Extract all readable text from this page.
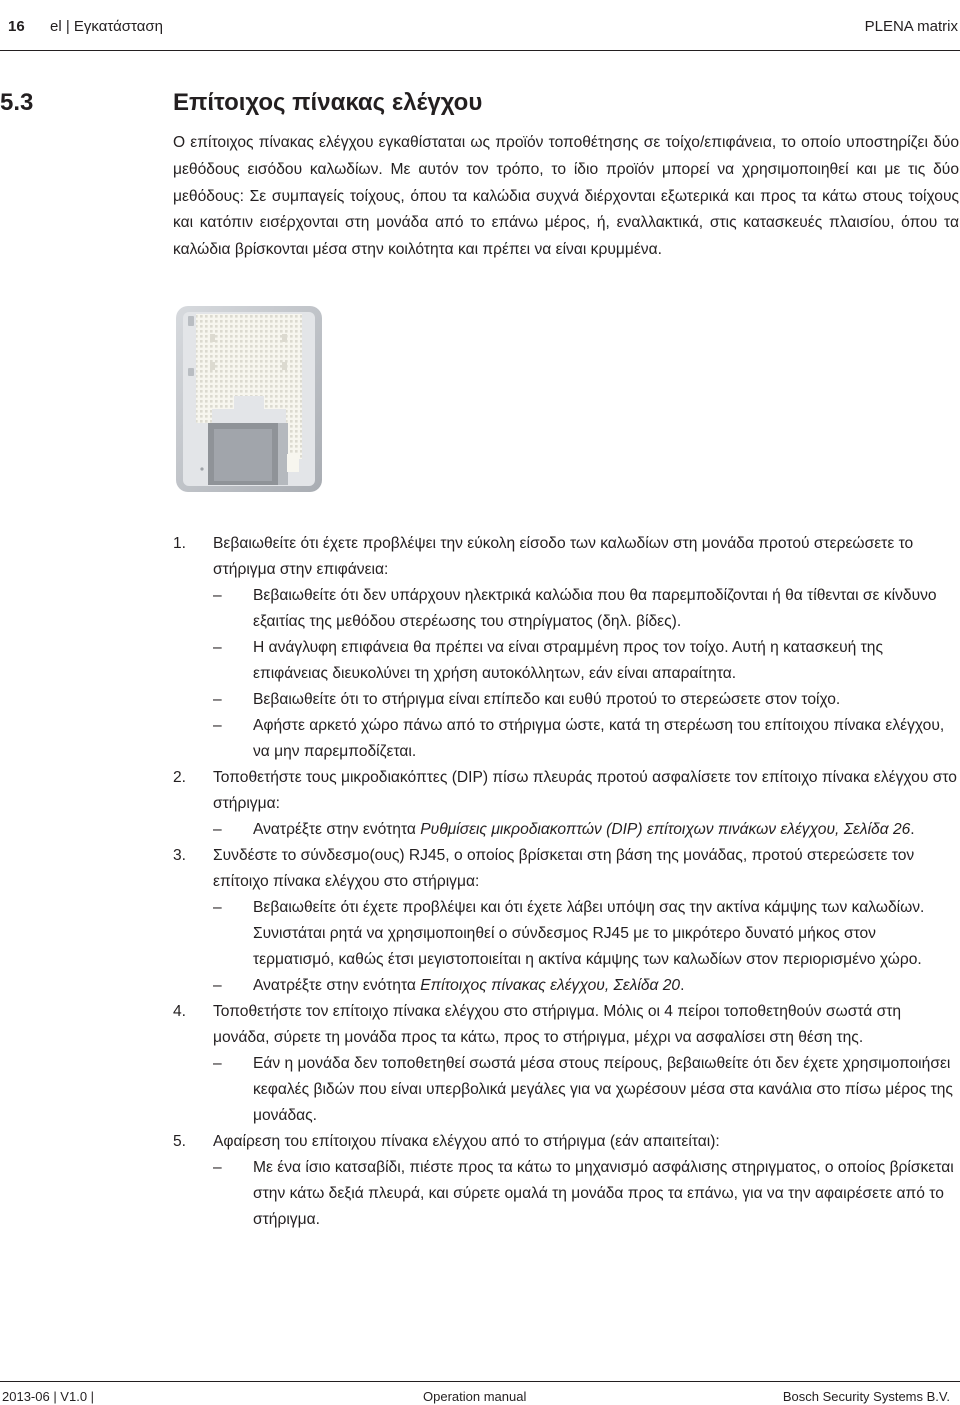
16 el | Εγκατάσταση	PLENA matrix
5.3	Επίτοιχος πίνακας ελέγχου
Ο επίτοιχος πίνακας ελέγχου εγκαθίσταται ως προϊόν τοποθέτησης σε τοίχο/επιφάνεια, το οποίο υποστηρίζει δύο μεθόδους εισόδου καλωδίων. Με αυτόν τον τρόπο, το ίδιο προϊόν μπορεί να χρησιμοποιηθεί και με τις δύο μεθόδους: Σε συμπαγείς τοίχους, όπου τα καλώδια συχνά διέρχονται εξωτερικά και προς τα κάτω στους τοίχους και κατόπιν εισέρχονται στη μονάδα από το επάνω μέρος, ή, εναλλακτικά, στις κατασκευές πλαισίου, όπου τα καλώδια βρίσκονται μέσα στην κοιλότητα και πρέπει να είναι κρυμμένα.
1. Βεβαιωθείτε ότι έχετε προβλέψει την εύκολη είσοδο των καλωδίων στη μονάδα προτού στερεώσετε το στήριγμα στην επιφάνεια:
– Βεβαιωθείτε ότι δεν υπάρχουν ηλεκτρικά καλώδια που θα παρεμποδίζονται ή θα τίθενται σε κίνδυνο εξαιτίας της μεθόδου στερέωσης του στηρίγματος (δηλ. βίδες).
– Η ανάγλυφη επιφάνεια θα πρέπει να είναι στραμμένη προς τον τοίχο. Αυτή η κατασκευή της επιφάνειας διευκολύνει τη χρήση αυτοκόλλητων, εάν είναι απαραίτητα.
– Βεβαιωθείτε ότι το στήριγμα είναι επίπεδο και ευθύ προτού το στερεώσετε στον τοίχο.
– Αφήστε αρκετό χώρο πάνω από το στήριγμα ώστε, κατά τη στερέωση του επίτοιχου πίνακα ελέγχου, να μην παρεμποδίζεται.
2. Τοποθετήστε τους μικροδιακόπτες (DIP) πίσω πλευράς προτού ασφαλίσετε τον επίτοιχο πίνακα ελέγχου στο στήριγμα:
– Ανατρέξτε στην ενότητα Ρυθμίσεις μικροδιακοπτών (DIP) επίτοιχων πινάκων ελέγχου, Σελίδα 26.
3. Συνδέστε το σύνδεσμο(ους) RJ45, ο οποίος βρίσκεται στη βάση της μονάδας, προτού στερεώσετε τον επίτοιχο πίνακα ελέγχου στο στήριγμα:
– Βεβαιωθείτε ότι έχετε προβλέψει και ότι έχετε λάβει υπόψη σας την ακτίνα κάμψης των καλωδίων. Συνιστάται ρητά να χρησιμοποιηθεί ο σύνδεσμος RJ45 με το μικρότερο δυνατό μήκος στον τερματισμό, καθώς έτσι μεγιστοποιείται η ακτίνα κάμψης των καλωδίων στον περιορισμένο χώρο.
– Ανατρέξτε στην ενότητα Επίτοιχος πίνακας ελέγχου, Σελίδα 20.
4. Τοποθετήστε τον επίτοιχο πίνακα ελέγχου στο στήριγμα. Μόλις οι 4 πείροι τοποθετηθούν σωστά στη μονάδα, σύρετε τη μονάδα προς τα κάτω, προς το στήριγμα, μέχρι να ασφαλίσει στη θέση της.
– Εάν η μονάδα δεν τοποθετηθεί σωστά μέσα στους πείρους, βεβαιωθείτε ότι δεν έχετε χρησιμοποιήσει κεφαλές βιδών που είναι υπερβολικά μεγάλες για να χωρέσουν μέσα στα κανάλια στο πίσω μέρος της μονάδας.
5. Αφαίρεση του επίτοιχου πίνακα ελέγχου από το στήριγμα (εάν απαιτείται):
– Με ένα ίσιο κατσαβίδι, πιέστε προς τα κάτω το μηχανισμό ασφάλισης στηριγματος, ο οποίος βρίσκεται στην κάτω δεξιά πλευρά, και σύρετε ομαλά τη μονάδα προς τα επάνω, για να την αφαιρέσετε από το στήριγμα.
2013-06 | V1.0 |	Operation manual	Bosch Security Systems B.V.
